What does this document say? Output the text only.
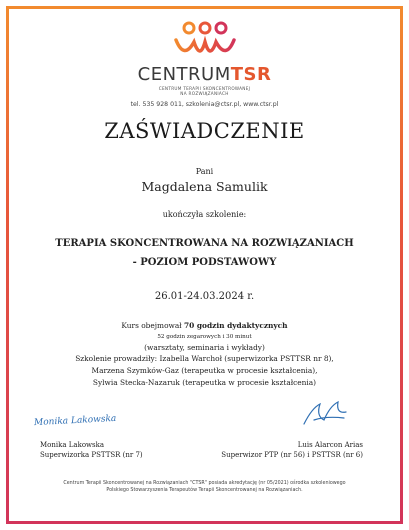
CENTRUMTSR
CENTRUM TERAPII SKONCENTROWANEJ
NA ROZWIĄZANIACH
tel. 535 928 011, szkolenia@ctsr.pl, www.ctsr.pl
ZAŚWIADCZENIE
Pani
Magdalena Samulik
ukończyła szkolenie:
TERAPIA SKONCENTROWANA NA ROZWIĄZANIACH
- POZIOM PODSTAWOWY
26.01-24.03.2024 r.
Kurs obejmował 70 godzin dydaktycznych
52 godzin zegarowych i 30 minut
(warsztaty, seminaria i wykłady)
Szkolenie prowadziły: Izabella Warchoł (superwizorka PSTTSR nr 8),
Marzena Szymków-Gaz (terapeutka w procesie kształcenia),
Sylwia Stecka-Nazaruk (terapeutka w procesie kształcenia)
Monika Lakowska
Monika Lakowska
Superwizorka PSTTSR (nr 7)
Luis Alarcon Arias
Superwizor PTP (nr 56) i PSTTSR (nr 6)
Centrum Terapii Skoncentrowanej na Rozwiązaniach "CTSR" posiada akredytację (nr 05/2021) ośrodka szkoleniowego
Polskiego Stowarzyszenia Terapeutów Terapii Skoncentrowanej na Rozwiązaniach.
